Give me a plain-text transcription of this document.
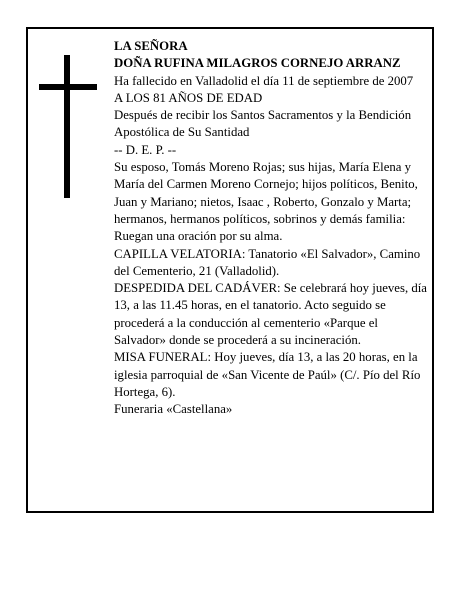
LA SEÑORA

DOÑA RUFINA MILAGROS CORNEJO ARRANZ

Ha fallecido en Valladolid el día 11 de septiembre de 2007

A LOS 81 AÑOS DE EDAD

Después de recibir los Santos Sacramentos y la Bendición Apostólica de Su Santidad

-- D. E. P. --

Su esposo, Tomás Moreno Rojas; sus hijas, María Elena y María del Carmen Moreno Cornejo; hijos políticos, Benito, Juan y Mariano; nietos, Isaac , Roberto, Gonzalo y Marta; hermanos, hermanos políticos, sobrinos y demás familia:

Ruegan una oración por su alma.

CAPILLA VELATORIA: Tanatorio «El Salvador», Camino del Cementerio, 21 (Valladolid).

DESPEDIDA DEL CADÁVER: Se celebrará hoy jueves, día 13, a las 11.45 horas, en el tanatorio. Acto seguido se procederá a la conducción al cementerio «Parque el Salvador» donde se procederá a su incineración.

MISA FUNERAL: Hoy jueves, día 13, a las 20 horas, en la iglesia parroquial de «San Vicente de Paúl» (C/. Pío del Río Hortega, 6).

Funeraria «Castellana»
